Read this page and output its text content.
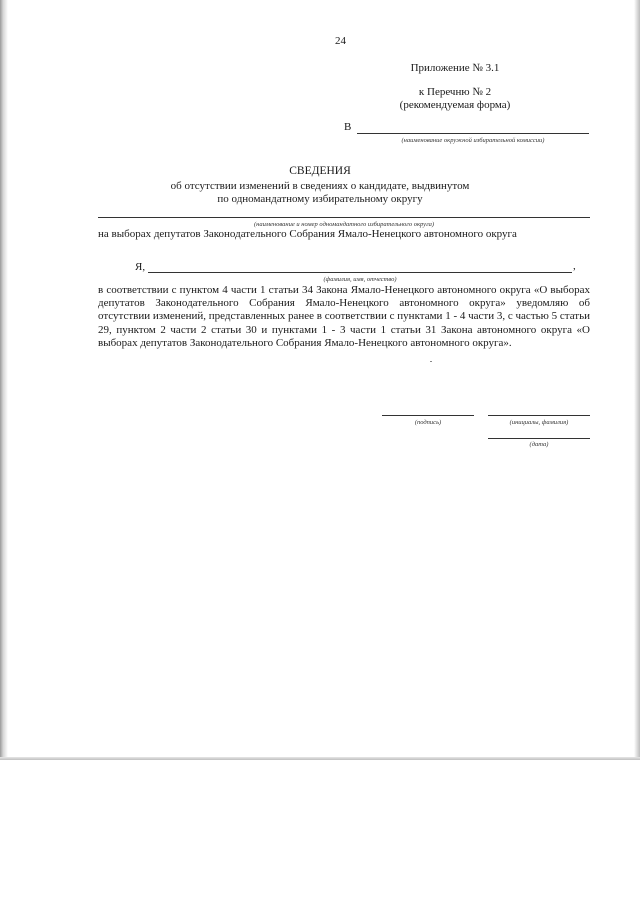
24
Приложение № 3.1
к Перечню № 2
(рекомендуемая форма)
В
(наименование окружной избирательной комиссии)
СВЕДЕНИЯ
об отсутствии изменений в сведениях о кандидате, выдвинутом
по одномандатному избирательному округу
(наименование и номер одномандатного избирательного округа)
на выборах депутатов Законодательного Собрания Ямало-Ненецкого автономного округа
Я,	,
(фамилия, имя, отчество)
в соответствии с пунктом 4 части 1 статьи 34 Закона Ямало-Ненецкого автономного округа «О выборах депутатов Законодательного Собрания Ямало-Ненецкого автономного округа» уведомляю об отсутствии изменений, представленных ранее в соответствии с пунктами 1 - 4 части 3, с частью 5 статьи 29, пунктом 2 части 2 статьи 30 и пунктами 1 - 3 части 1 статьи 31 Закона автономного округа «О выборах депутатов Законодательного Собрания Ямало-Ненецкого автономного округа».
(подпись)	(инициалы, фамилия)
(дата)
